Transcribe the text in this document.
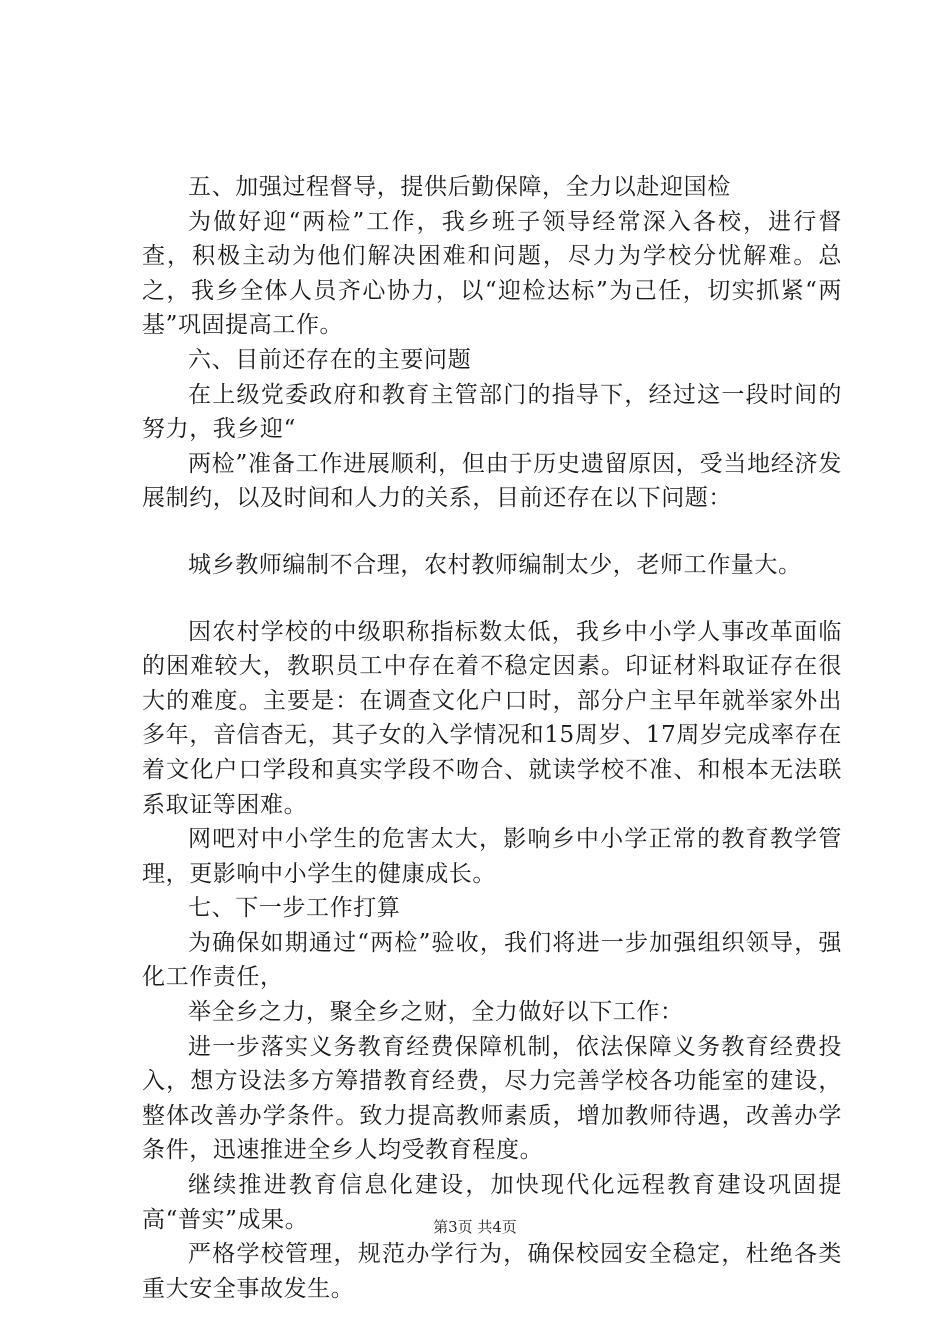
五、加强过程督导，提供后勤保障，全力以赴迎国检

为做好迎“两检”工作，我乡班子领导经常深入各校，进行督查，积极主动为他们解决困难和问题，尽力为学校分忧解难。总之，我乡全体人员齐心协力，以“迎检达标”为己任，切实抓紧“两基”巩固提高工作。

六、目前还存在的主要问题

在上级党委政府和教育主管部门的指导下，经过这一段时间的努力，我乡迎“

两检”准备工作进展顺利，但由于历史遗留原因，受当地经济发展制约，以及时间和人力的关系，目前还存在以下问题：

城乡教师编制不合理，农村教师编制太少，老师工作量大。

因农村学校的中级职称指标数太低，我乡中小学人事改革面临的困难较大，教职员工中存在着不稳定因素。印证材料取证存在很大的难度。主要是：在调查文化户口时，部分户主早年就举家外出多年，音信杳无，其子女的入学情况和15周岁、17周岁完成率存在着文化户口学段和真实学段不吻合、就读学校不准、和根本无法联系取证等困难。

网吧对中小学生的危害太大，影响乡中小学正常的教育教学管理，更影响中小学生的健康成长。

七、下一步工作打算

为确保如期通过“两检”验收，我们将进一步加强组织领导，强化工作责任，

举全乡之力，聚全乡之财，全力做好以下工作：

进一步落实义务教育经费保障机制，依法保障义务教育经费投入，想方设法多方筹措教育经费，尽力完善学校各功能室的建设，整体改善办学条件。致力提高教师素质，增加教师待遇，改善办学条件，迅速推进全乡人均受教育程度。

继续推进教育信息化建设，加快现代化远程教育建设巩固提高“普实”成果。

严格学校管理，规范办学行为，确保校园安全稳定，杜绝各类重大安全事故发生。

第3页 共4页
